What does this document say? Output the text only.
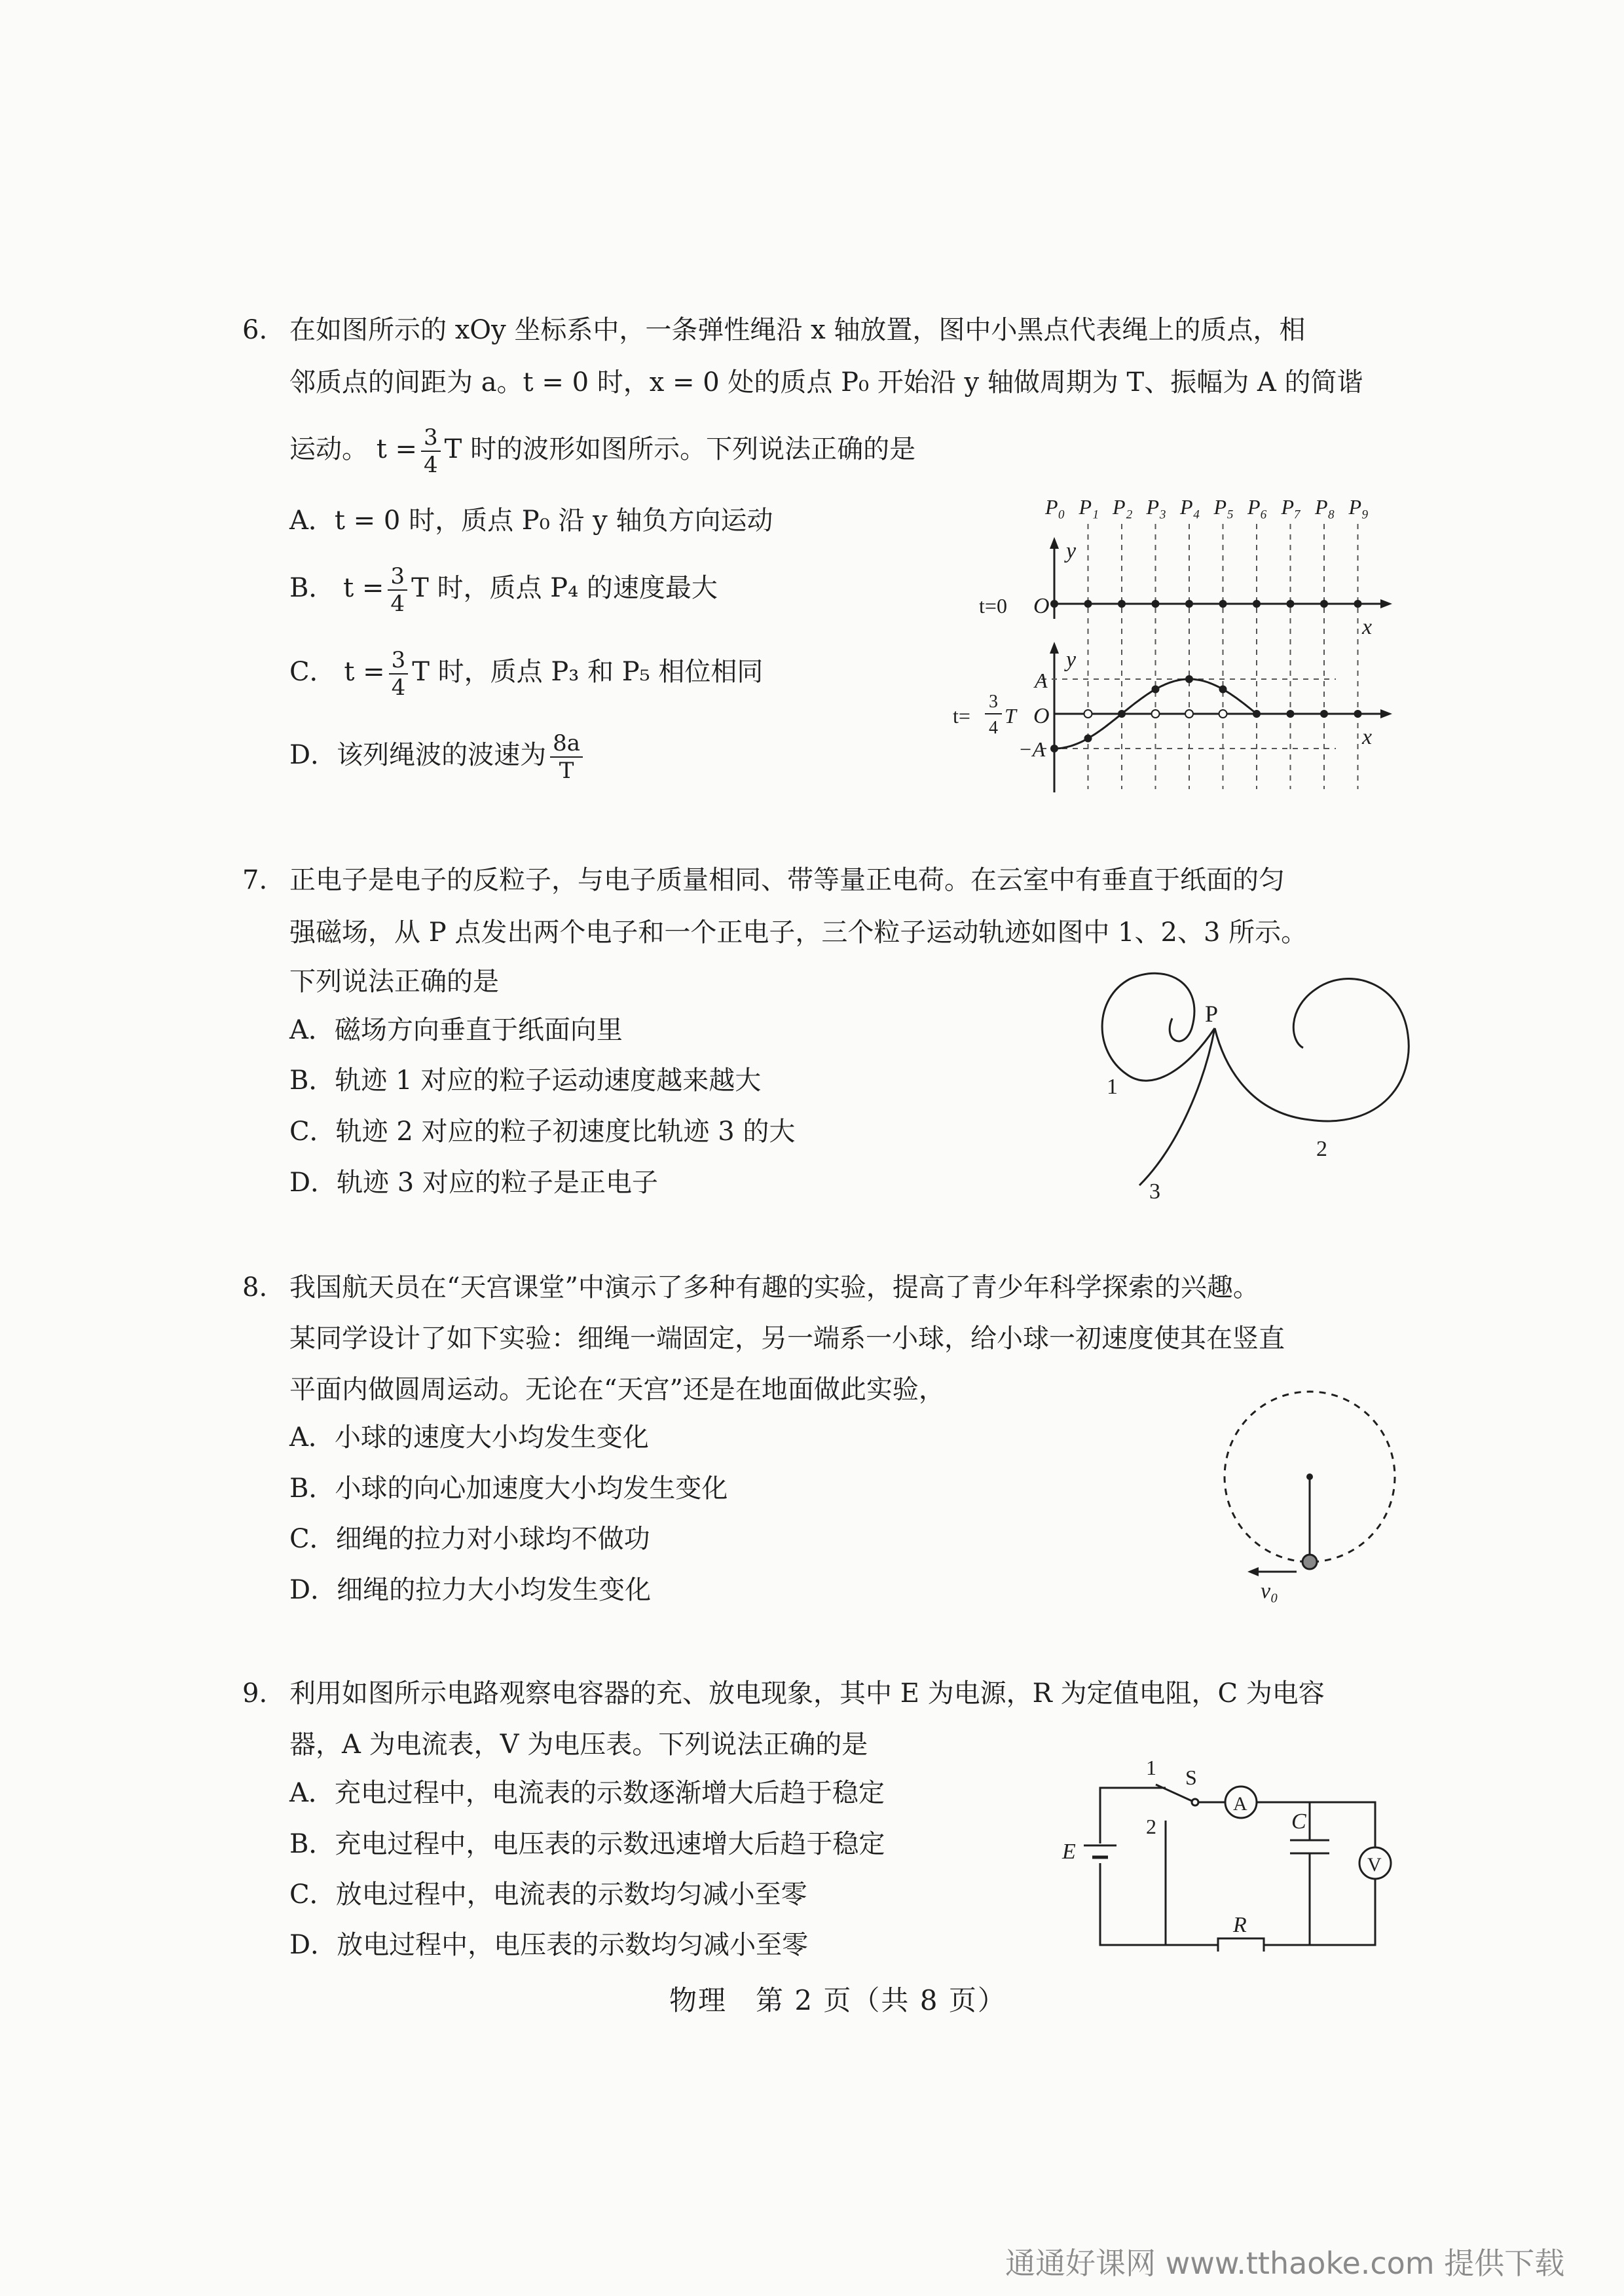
6. 在如图所示的 xOy 坐标系中，一条弹性绳沿 x 轴放置，图中小黑点代表绳上的质点，相
邻质点的间距为 a。t = 0 时，x = 0 处的质点 P₀ 开始沿 y 轴做周期为 T、振幅为 A 的简谐
运动。 $t = \frac{3}{4}$ T 时的波形如图所示。下列说法正确的是
A．t = 0 时，质点 P₀ 沿 y 轴负方向运动
B． $t = \frac{3}{4}$ T 时，质点 P₄ 的速度最大
C． $t = \frac{3}{4}$ T 时，质点 P₃ 和 P₅ 相位相同
D．该列绳波的波速为 $\frac{8a}{T}$
P₀ P₁ P₂ P₃ P₄ P₅ P₆ P₇ P₈ P₉
y
x
t=0 O
y
x
A
O
−A
t=
3
4
T
7. 正电子是电子的反粒子，与电子质量相同、带等量正电荷。在云室中有垂直于纸面的匀
强磁场，从 P 点发出两个电子和一个正电子，三个粒子运动轨迹如图中 1、2、3 所示。
下列说法正确的是
A．磁场方向垂直于纸面向里
B．轨迹 1 对应的粒子运动速度越来越大
C．轨迹 2 对应的粒子初速度比轨迹 3 的大
D．轨迹 3 对应的粒子是正电子
P
1
2
3
8. 我国航天员在“天宫课堂”中演示了多种有趣的实验，提高了青少年科学探索的兴趣。
某同学设计了如下实验：细绳一端固定，另一端系一小球，给小球一初速度使其在竖直
平面内做圆周运动。无论在“天宫”还是在地面做此实验，
A．小球的速度大小均发生变化
B．小球的向心加速度大小均发生变化
C．细绳的拉力对小球均不做功
D．细绳的拉力大小均发生变化	v₀
9. 利用如图所示电路观察电容器的充、放电现象，其中 E 为电源，R 为定值电阻，C 为电容
器，A 为电流表，V 为电压表。下列说法正确的是
A．充电过程中，电流表的示数逐渐增大后趋于稳定
B．充电过程中，电压表的示数迅速增大后趋于稳定
C．放电过程中，电流表的示数均匀减小至零
D．放电过程中，电压表的示数均匀减小至零
1
2
S
A
V
E
C
R
物理　第 2 页（共 8 页）
通通好课网 www.tthaoke.com 提供下载
